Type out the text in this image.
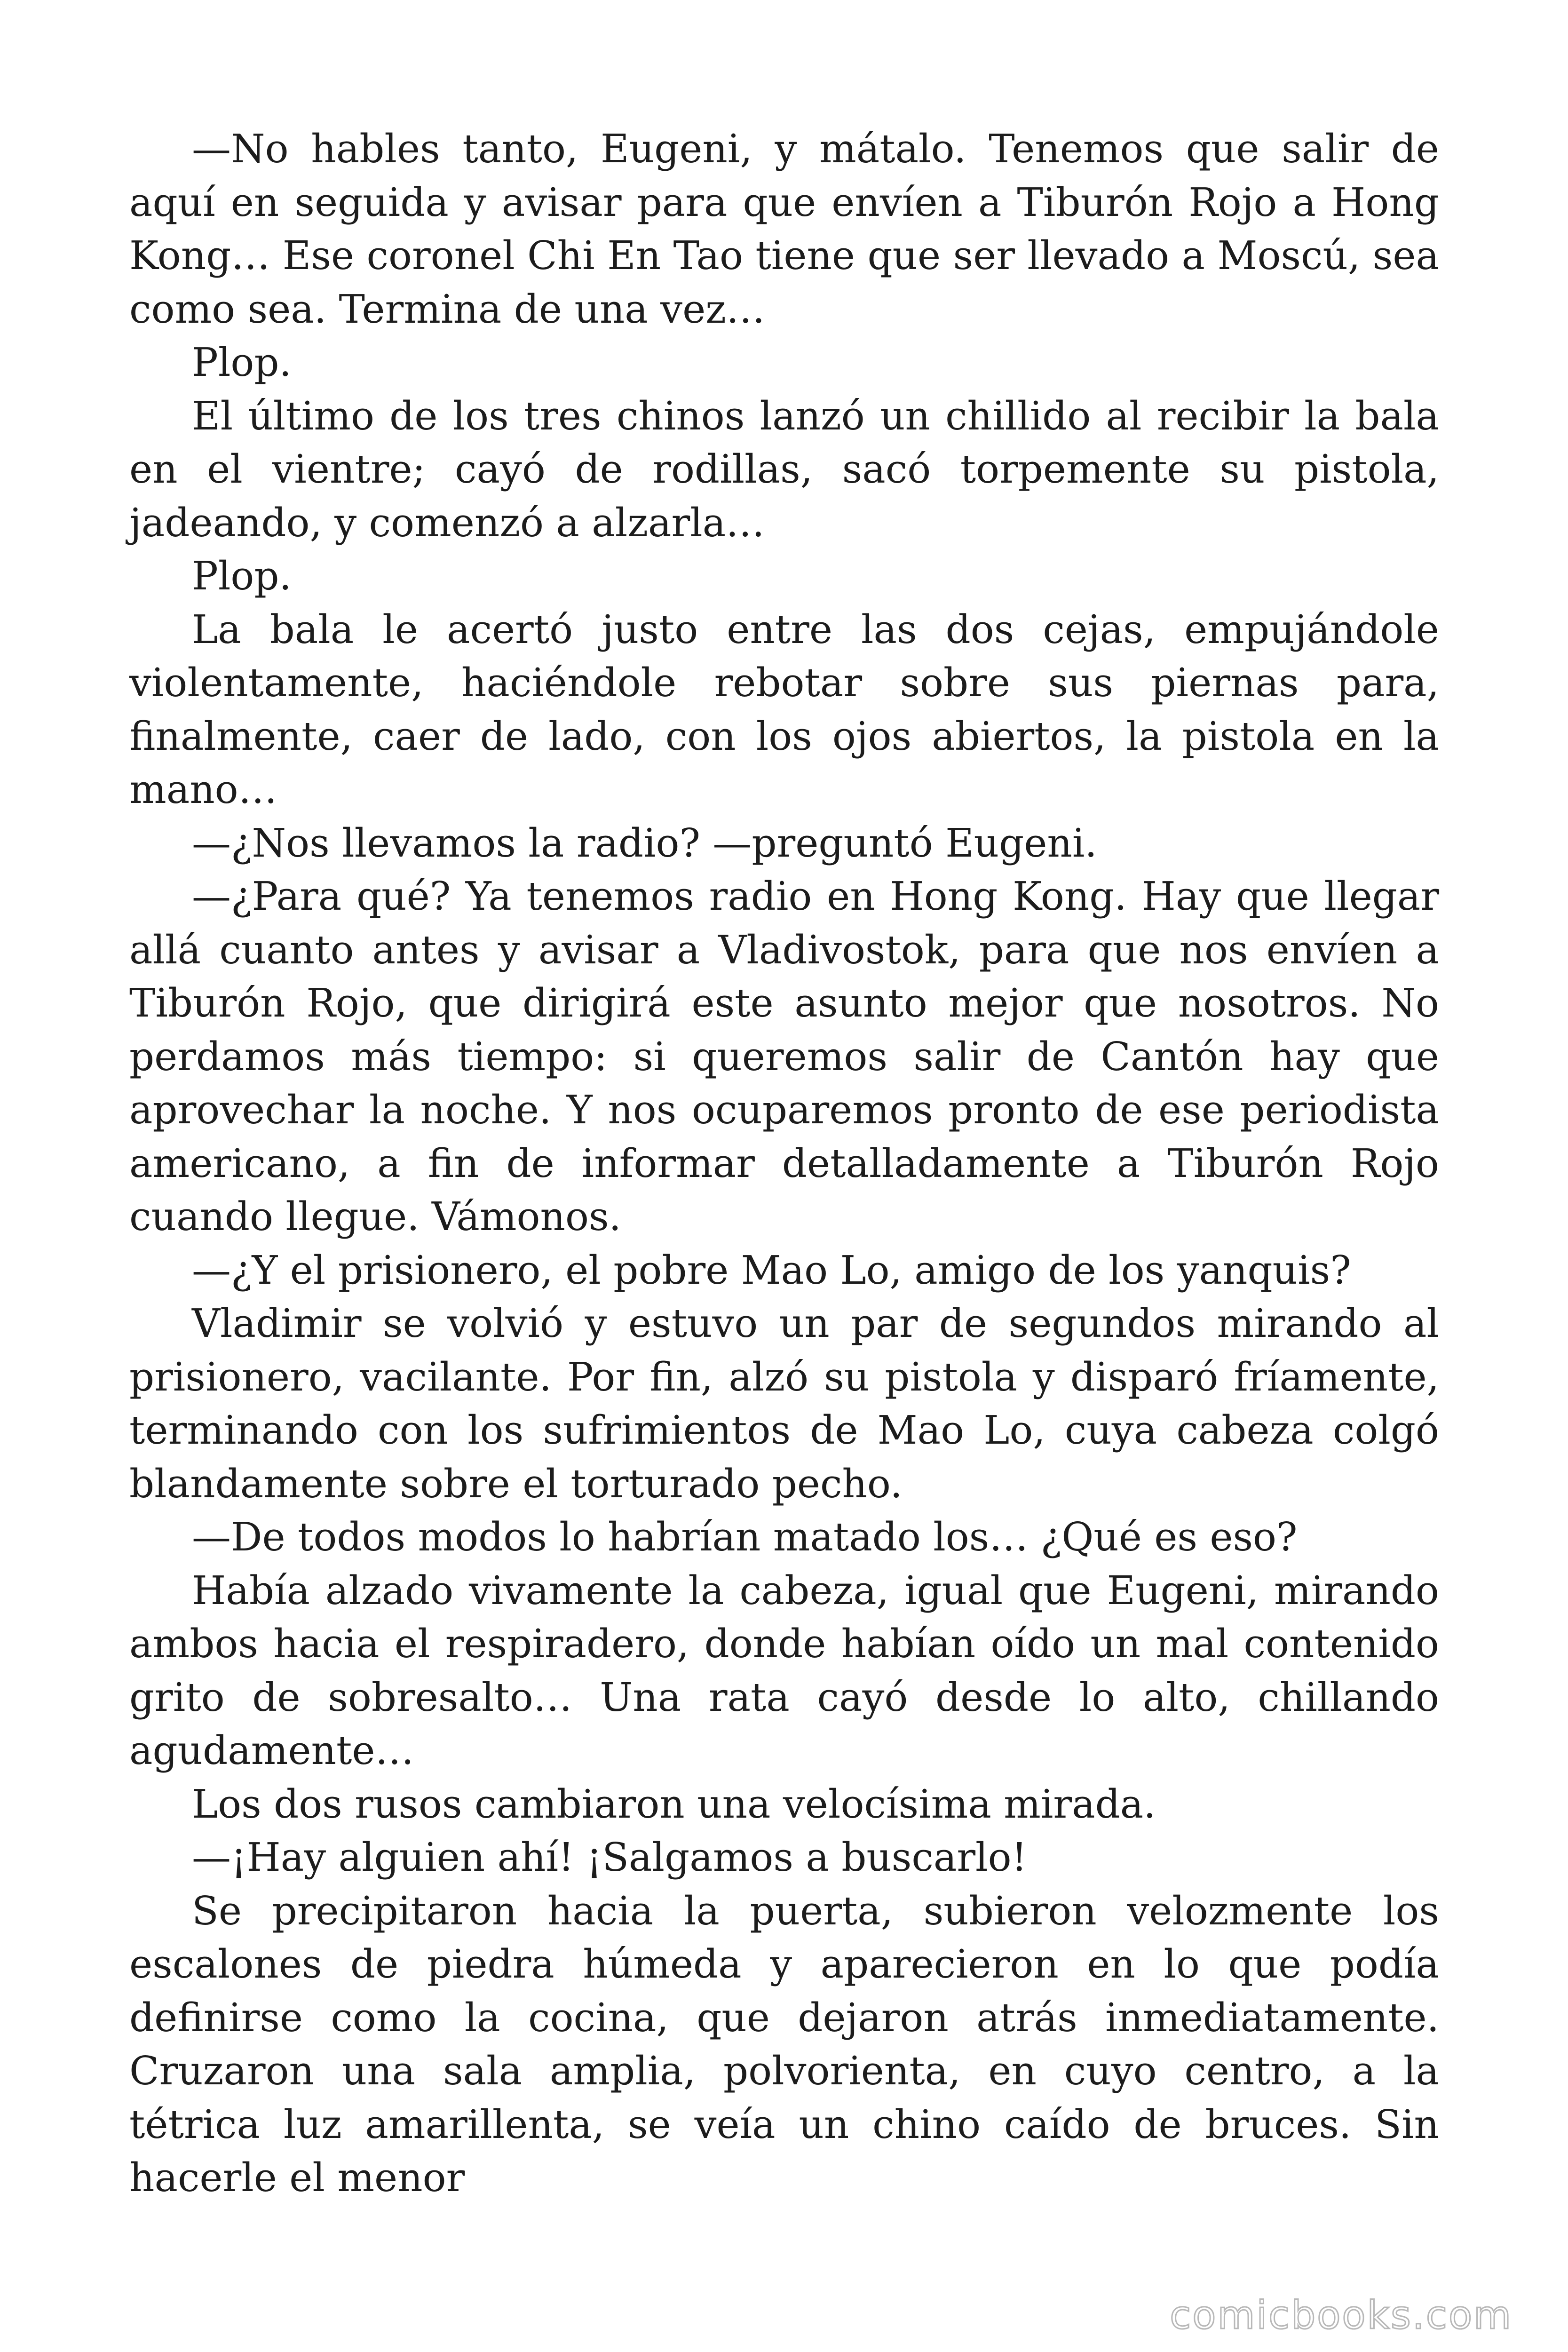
—No hables tanto, Eugeni, y mátalo. Tenemos que salir de aquí en seguida y avisar para que envíen a Tiburón Rojo a Hong Kong… Ese coronel Chi En Tao tiene que ser llevado a Moscú, sea como sea. Termina de una vez…

Plop.

El último de los tres chinos lanzó un chillido al recibir la bala en el vientre; cayó de rodillas, sacó torpemente su pistola, jadeando, y comenzó a alzarla…

Plop.

La bala le acertó justo entre las dos cejas, empujándole violentamente, haciéndole rebotar sobre sus piernas para, finalmente, caer de lado, con los ojos abiertos, la pistola en la mano…

—¿Nos llevamos la radio? —preguntó Eugeni.

—¿Para qué? Ya tenemos radio en Hong Kong. Hay que llegar allá cuanto antes y avisar a Vladivostok, para que nos envíen a Tiburón Rojo, que dirigirá este asunto mejor que nosotros. No perdamos más tiempo: si queremos salir de Cantón hay que aprovechar la noche. Y nos ocuparemos pronto de ese periodista americano, a fin de informar detalladamente a Tiburón Rojo cuando llegue. Vámonos.

—¿Y el prisionero, el pobre Mao Lo, amigo de los yanquis?

Vladimir se volvió y estuvo un par de segundos mirando al prisionero, vacilante. Por fin, alzó su pistola y disparó fríamente, terminando con los sufrimientos de Mao Lo, cuya cabeza colgó blandamente sobre el torturado pecho.

—De todos modos lo habrían matado los… ¿Qué es eso?

Había alzado vivamente la cabeza, igual que Eugeni, mirando ambos hacia el respiradero, donde habían oído un mal contenido grito de sobresalto… Una rata cayó desde lo alto, chillando agudamente…

Los dos rusos cambiaron una velocísima mirada.

—¡Hay alguien ahí! ¡Salgamos a buscarlo!

Se precipitaron hacia la puerta, subieron velozmente los escalones de piedra húmeda y aparecieron en lo que podía definirse como la cocina, que dejaron atrás inmediatamente. Cruzaron una sala amplia, polvorienta, en cuyo centro, a la tétrica luz amarillenta, se veía un chino caído de bruces. Sin hacerle el menor

comicbooks.com
